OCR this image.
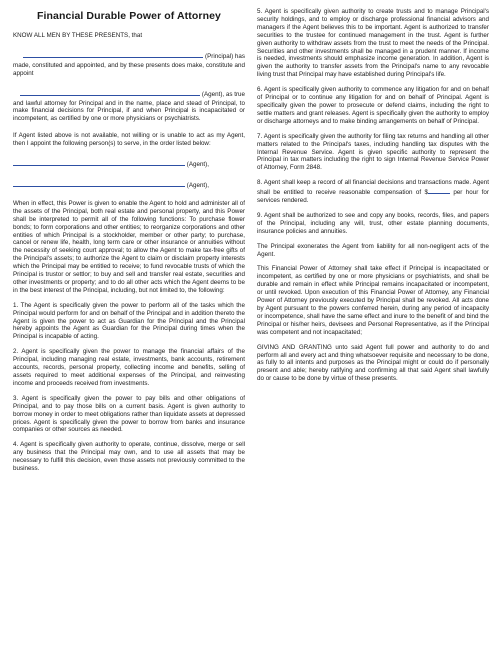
Financial Durable Power of Attorney

KNOW ALL MEN BY THESE PRESENTS, that

(Principal) has

made, constituted and appointed, and by these presents does make, constitute and appoint

(Agent), as true

and lawful attorney for Principal and in the name, place and stead of Principal, to make financial decisions for Principal, if and when Principal is incapacitated or incompetent, as certified by one or more physicians or psychiatrists.

If Agent listed above is not available, not willing or is unable to act as my Agent, then I appoint the following person(s) to serve, in the order listed below:

(Agent),
(Agent),

When in effect, this Power is given to enable the Agent to hold and administer all of the assets of the Principal, both real estate and personal property, and this Power shall be interpreted to permit all of the following functions: To purchase flower bonds; to form corporations and other entities; to reorganize corporations and other entities of which Principal is a stockholder, member or other party; to purchase, cancel or renew life, health, long term care or other insurance or annuities without the necessity of seeking court approval; to allow the Agent to make tax-free gifts of the Principal's assets; to authorize the Agent to claim or disclaim property interests which the Principal may be entitled to receive; to fund revocable trusts of which the Principal is trustor or settlor; to buy and sell and transfer real estate, securities and other investments or property; and to do all other acts which the Agent deems to be in the best interest of the Principal, including, but not limited to, the following:

1. The Agent is specifically given the power to perform all of the tasks which the Principal would perform for and on behalf of the Principal and in addition thereto the Agent is given the power to act as Guardian for the Principal and the Principal hereby appoints the Agent as Guardian for the Principal during times when the Principal is incapable of acting.

2. Agent is specifically given the power to manage the financial affairs of the Principal, including managing real estate, investments, bank accounts, retirement accounts, records, personal property, collecting income and benefits, selling of assets required to meet additional expenses of the Principal, and reinvesting income and proceeds received from investments.

3. Agent is specifically given the power to pay bills and other obligations of Principal, and to pay those bills on a current basis. Agent is given authority to borrow money in order to meet obligations rather than liquidate assets at depressed prices. Agent is specifically given the power to borrow from banks and insurance companies or other sources as needed.

4. Agent is specifically given authority to operate, continue, dissolve, merge or sell any business that the Principal may own, and to use all assets that may be necessary to fulfill this decision, even those assets not previously committed to the business.

5. Agent is specifically given authority to create trusts and to manage Principal's security holdings, and to employ or discharge professional financial advisors and managers if the Agent believes this to be important. Agent is authorized to transfer securities to the trustee for continued management in the trust. Agent is further given authority to withdraw assets from the trust to meet the needs of the Principal. Securities and other investments shall be managed in a prudent manner. If income is needed, investments should emphasize income generation. In addition, Agent is given the authority to transfer assets from the Principal's name to any revocable living trust that Principal may have established during Principal's life.

6. Agent is specifically given authority to commence any litigation for and on behalf of Principal or to continue any litigation for and on behalf of Principal. Agent is specifically given the power to prosecute or defend claims, including the right to settle matters and grant releases. Agent is specifically given the authority to employ or discharge attorneys and to make binding arrangements on behalf of Principal.

7. Agent is specifically given the authority for filing tax returns and handling all other matters related to the Principal's taxes, including handling tax disputes with the Internal Revenue Service. Agent is given specific authority to represent the Principal in tax matters including the right to sign Internal Revenue Service Power of Attorney, Form 2848.

8. Agent shall keep a record of all financial decisions and transactions made. Agent shall be entitled to receive reasonable compensation of $	per hour for services rendered.

9. Agent shall be authorized to see and copy any books, records, files, and papers of the Principal, including any will, trust, other estate planning documents, insurance policies and annuities.

The Principal exonerates the Agent from liability for all non-negligent acts of the Agent.

This Financial Power of Attorney shall take effect if Principal is incapacitated or incompetent, as certified by one or more physicians or psychiatrists, and shall be durable and remain in effect while Principal remains incapacitated or incompetent, or until revoked. Upon execution of this Financial Power of Attorney, any Financial Power of Attorney previously executed by Principal shall be revoked. All acts done by Agent pursuant to the powers conferred herein, during any period of incapacity or incompetence, shall have the same effect and inure to the benefit of and bind the Principal or his/her heirs, devisees and Personal Representative, as if the Principal was competent and not incapacitated;

GIVING AND GRANTING unto said Agent full power and authority to do and perform all and every act and thing whatsoever requisite and necessary to be done, as fully to all intents and purposes as the Principal might or could do if personally present and able; hereby ratifying and confirming all that said Agent shall lawfully do or cause to be done by virtue of these presents.
